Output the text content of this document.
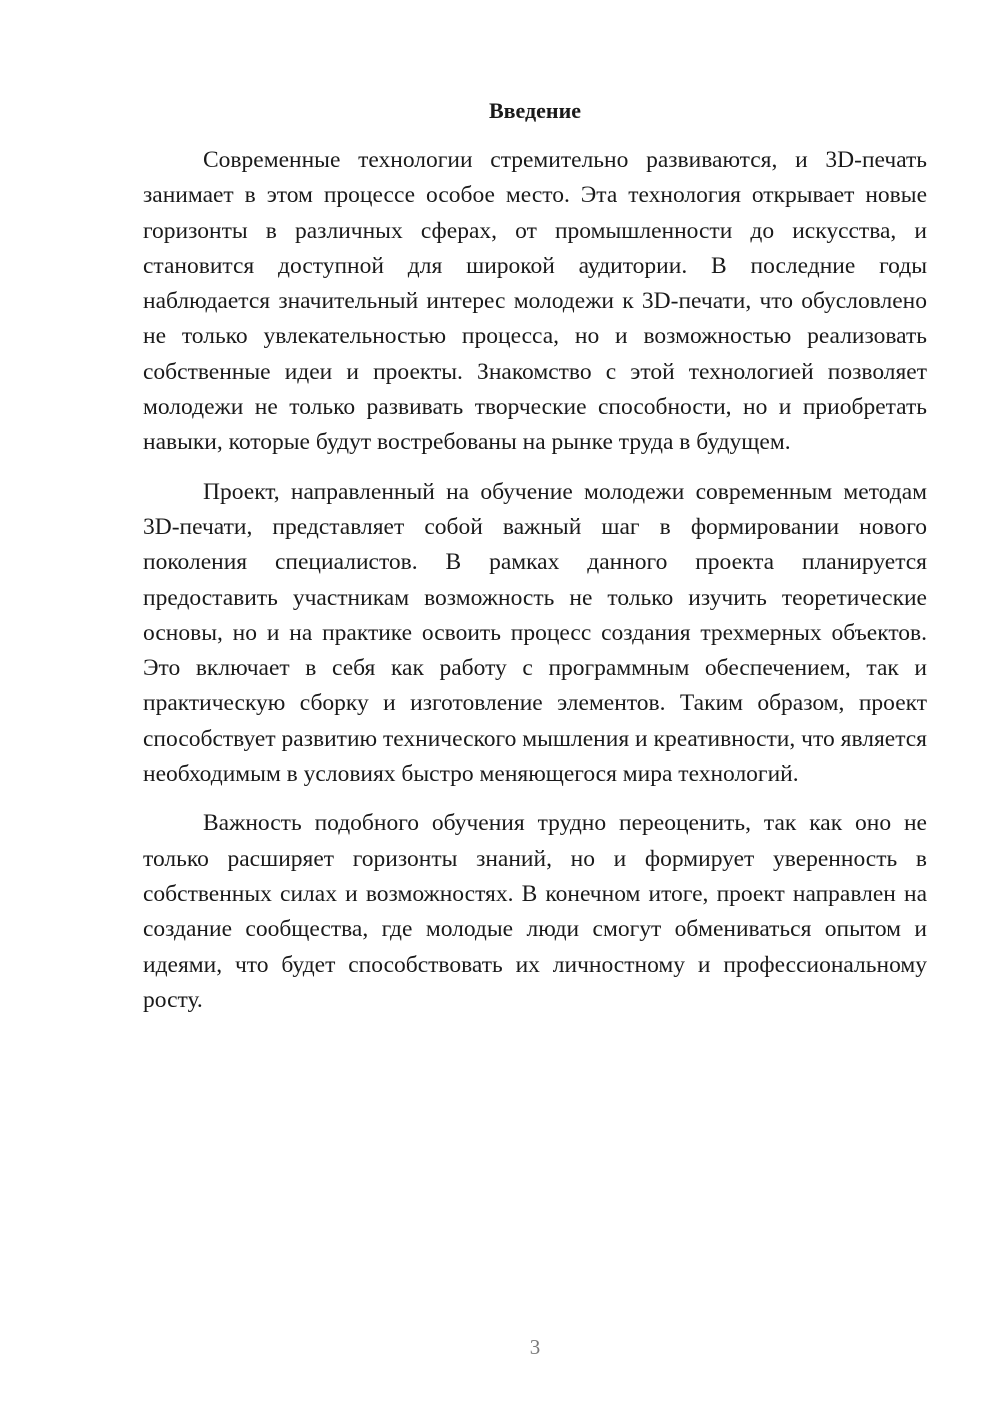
Введение

Современные технологии стремительно развиваются, и 3D-печать занимает в этом процессе особое место. Эта технология открывает новые горизонты в различных сферах, от промышленности до искусства, и становится доступной для широкой аудитории. В последние годы наблюдается значительный интерес молодежи к 3D-печати, что обусловлено не только увлекательностью процесса, но и возможностью реализовать собственные идеи и проекты. Знакомство с этой технологией позволяет молодежи не только развивать творческие способности, но и приобретать навыки, которые будут востребованы на рынке труда в будущем.

Проект, направленный на обучение молодежи современным методам 3D-печати, представляет собой важный шаг в формировании нового поколения специалистов. В рамках данного проекта планируется предоставить участникам возможность не только изучить теоретические основы, но и на практике освоить процесс создания трехмерных объектов. Это включает в себя как работу с программным обеспечением, так и практическую сборку и изготовление элементов. Таким образом, проект способствует развитию технического мышления и креативности, что является необходимым в условиях быстро меняющегося мира технологий.

Важность подобного обучения трудно переоценить, так как оно не только расширяет горизонты знаний, но и формирует уверенность в собственных силах и возможностях. В конечном итоге, проект направлен на создание сообщества, где молодые люди смогут обмениваться опытом и идеями, что будет способствовать их личностному и профессиональному росту.

3
